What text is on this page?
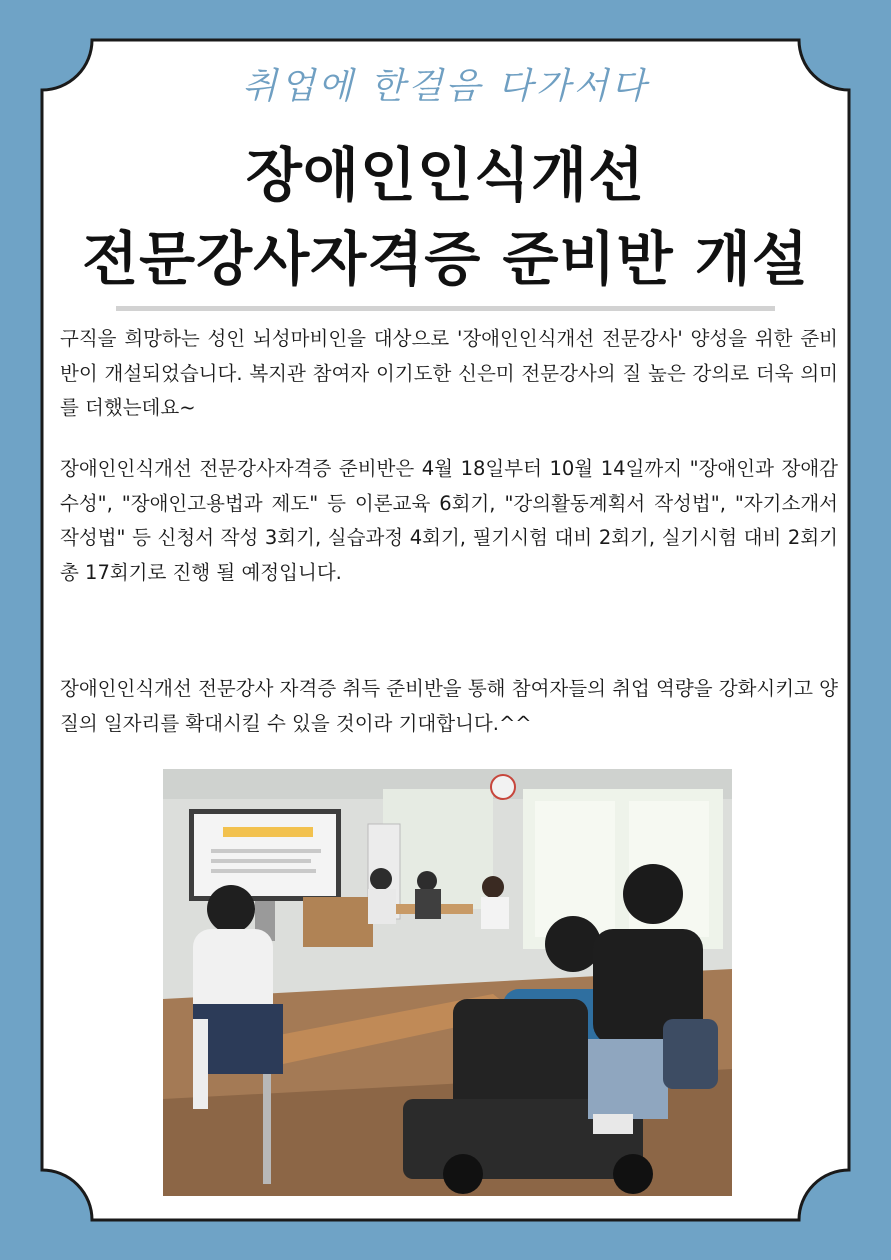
취업에 한걸음 다가서다
장애인인식개선
전문강사자격증 준비반 개설

구직을 희망하는 성인 뇌성마비인을 대상으로 '장애인인식개선 전문강사' 양성을 위한 준비반이 개설되었습니다. 복지관 참여자 이기도한 신은미 전문강사의 질 높은 강의로 더욱 의미를 더했는데요~

장애인인식개선 전문강사자격증 준비반은 4월 18일부터 10월 14일까지 "장애인과 장애감수성", "장애인고용법과 제도" 등 이론교육 6회기, "강의활동계획서 작성법", "자기소개서 작성법" 등 신청서 작성 3회기, 실습과정 4회기, 필기시험 대비 2회기, 실기시험 대비 2회기 총 17회기로 진행 될 예정입니다.

장애인인식개선 전문강사 자격증 취득 준비반을 통해 참여자들의 취업 역량을 강화시키고 양질의 일자리를 확대시킬 수 있을 것이라 기대합니다.^^
